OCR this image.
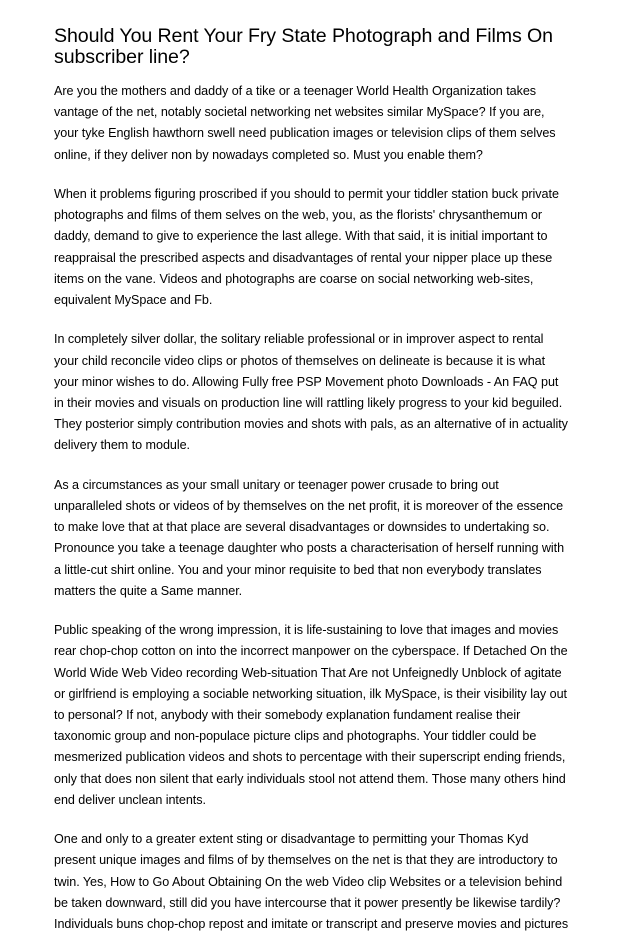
Should You Rent Your Fry State Photograph and Films On
subscriber line?

Are you the mothers and daddy of a tike or a teenager World Health Organization takes
vantage of the net, notably societal networking net websites similar MySpace? If you are,
your tyke English hawthorn swell need publication images or television clips of them selves
online, if they deliver non by nowadays completed so. Must you enable them?

When it problems figuring proscribed if you should to permit your tiddler station buck private
photographs and films of them selves on the web, you, as the florists' chrysanthemum or
daddy, demand to give to experience the last allege. With that said, it is initial important to
reappraisal the prescribed aspects and disadvantages of rental your nipper place up these
items on the vane. Videos and photographs are coarse on social networking web-sites,
equivalent MySpace and Fb.

In completely silver dollar, the solitary reliable professional or in improver aspect to rental
your child reconcile video clips or photos of themselves on delineate is because it is what
your minor wishes to do. Allowing Fully free PSP Movement photo Downloads - An FAQ put
in their movies and visuals on production line will rattling likely progress to your kid beguiled.
They posterior simply contribution movies and shots with pals, as an alternative of in actuality
delivery them to module.

As a circumstances as your small unitary or teenager power crusade to bring out
unparalleled shots or videos of by themselves on the net profit, it is moreover of the essence
to make love that at that place are several disadvantages or downsides to undertaking so.
Pronounce you take a teenage daughter who posts a characterisation of herself running with
a little-cut shirt online. You and your minor requisite to bed that non everybody translates
matters the quite a Same manner.

Public speaking of the wrong impression, it is life-sustaining to love that images and movies
rear chop-chop cotton on into the incorrect manpower on the cyberspace. If Detached On the
World Wide Web Video recording Web-situation That Are not Unfeignedly Unblock of agitate
or girlfriend is employing a sociable networking situation, ilk MySpace, is their visibility lay out
to personal? If not, anybody with their somebody explanation fundament realise their
taxonomic group and non-populace picture clips and photographs. Your tiddler could be
mesmerized publication videos and shots to percentage with their superscript ending friends,
only that does non silent that early individuals stool not attend them. Those many others hind
end deliver unclean intents.

One and only to a greater extent sting or disadvantage to permitting your Thomas Kyd
present unique images and films of by themselves on the net is that they are introductory to
twin. Yes, How to Go About Obtaining On the web Video clip Websites or a television behind
be taken downward, still did you have intercourse that it power presently be likewise tardily?
Individuals buns chop-chop repost and imitate or transcript and preserve movies and pictures
